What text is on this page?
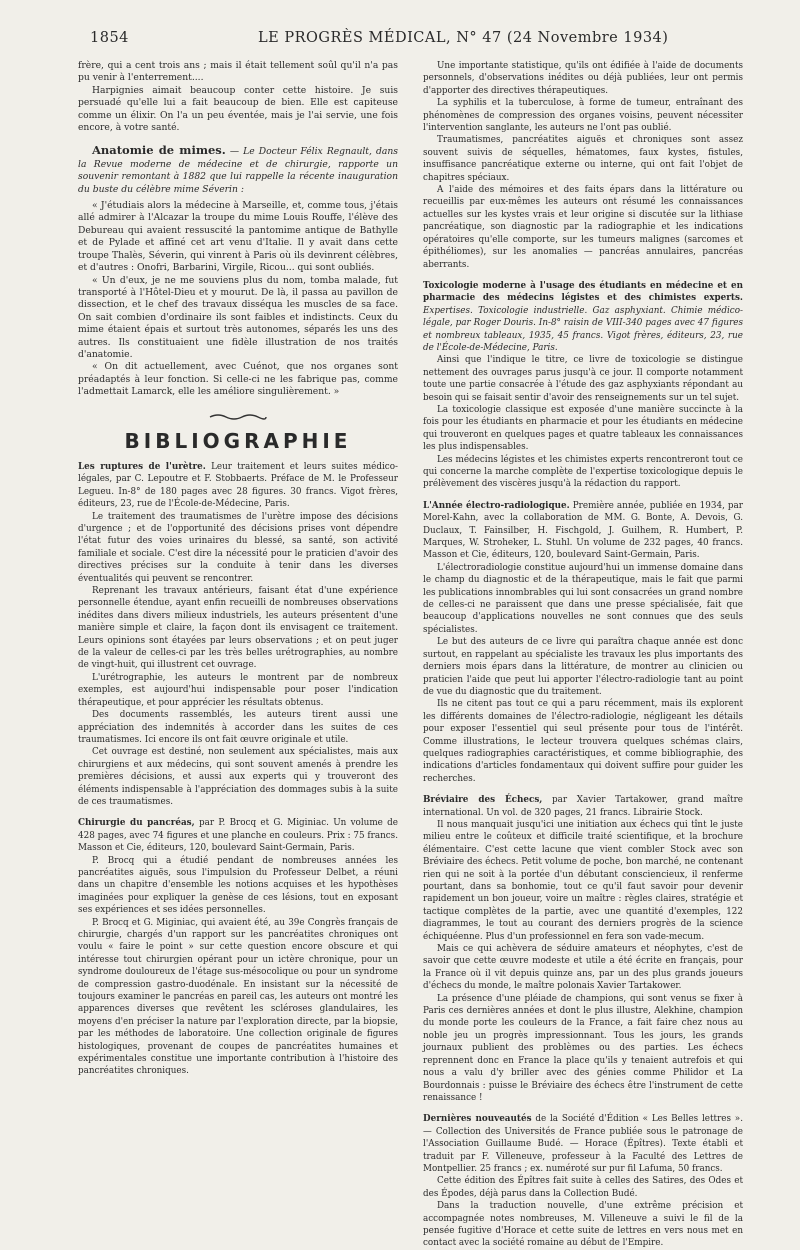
1854	LE PROGRÈS MÉDICAL, N° 47 (24 Novembre 1934)

frère, qui a cent trois ans ; mais il était tellement soûl qu'il n'a pas pu venir à l'enterrement....

Harpignies aimait beaucoup conter cette histoire. Je suis persuadé qu'elle lui a fait beaucoup de bien. Elle est capiteuse comme un élixir. On l'a un peu éventée, mais je l'ai servie, une fois encore, à votre santé.

Anatomie de mimes. — Le Docteur Félix Regnault, dans la Revue moderne de médecine et de chirurgie, rapporte un souvenir remontant à 1882 que lui rappelle la récente inauguration du buste du célèbre mime Séverin :

« J'étudiais alors la médecine à Marseille, et, comme tous, j'étais allé admirer à l'Alcazar la troupe du mime Louis Rouffe, l'élève des Debureau qui avaient ressuscité la pantomime antique de Bathylle et de Pylade et affiné cet art venu d'Italie. Il y avait dans cette troupe Thalès, Séverin, qui vinrent à Paris où ils devinrent célèbres, et d'autres : Onofri, Barbarini, Virgile, Ricou... qui sont oubliés.

« Un d'eux, je ne me souviens plus du nom, tomba malade, fut transporté à l'Hôtel-Dieu et y mourut. De là, il passa au pavillon de dissection, et le chef des travaux disséqua les muscles de sa face. On sait combien d'ordinaire ils sont faibles et indistincts. Ceux du mime étaient épais et surtout très autonomes, séparés les uns des autres. Ils constituaient une fidèle illustration de nos traités d'anatomie.

« On dit actuellement, avec Cuénot, que nos organes sont préadaptés à leur fonction. Si celle-ci ne les fabrique pas, comme l'admettait Lamarck, elle les améliore singulièrement. »

BIBLIOGRAPHIE

Les ruptures de l'urètre. Leur traitement et leurs suites médico-légales, par C. Lepoutre et F. Stobbaerts. Préface de M. le Professeur Legueu. In-8° de 180 pages avec 28 figures. 30 francs. Vigot frères, éditeurs, 23, rue de l'École-de-Médecine, Paris.

Le traitement des traumatismes de l'urètre impose des décisions d'urgence ; et de l'opportunité des décisions prises vont dépendre l'état futur des voies urinaires du blessé, sa santé, son activité familiale et sociale. C'est dire la nécessité pour le praticien d'avoir des directives précises sur la conduite à tenir dans les diverses éventualités qui peuvent se rencontrer.

Reprenant les travaux antérieurs, faisant état d'une expérience personnelle étendue, ayant enfin recueilli de nombreuses observations inédites dans divers milieux industriels, les auteurs présentent d'une manière simple et claire, la façon dont ils envisagent ce traitement. Leurs opinions sont étayées par leurs observations ; et on peut juger de la valeur de celles-ci par les très belles urétrographies, au nombre de vingt-huit, qui illustrent cet ouvrage.

L'urétrographie, les auteurs le montrent par de nombreux exemples, est aujourd'hui indispensable pour poser l'indication thérapeutique, et pour apprécier les résultats obtenus.

Des documents rassemblés, les auteurs tirent aussi une appréciation des indemnités à accorder dans les suites de ces traumatismes. Ici encore ils ont fait œuvre originale et utile.

Cet ouvrage est destiné, non seulement aux spécialistes, mais aux chirurgiens et aux médecins, qui sont souvent amenés à prendre les premières décisions, et aussi aux experts qui y trouveront des éléments indispensable à l'appréciation des dommages subis à la suite de ces traumatismes.

Chirurgie du pancréas, par P. Brocq et G. Miginiac. Un volume de 428 pages, avec 74 figures et une planche en couleurs. Prix : 75 francs. Masson et Cie, éditeurs, 120, boulevard Saint-Germain, Paris.

P. Brocq qui a étudié pendant de nombreuses années les pancréatites aiguës, sous l'impulsion du Professeur Delbet, a réuni dans un chapitre d'ensemble les notions acquises et les hypothèses imaginées pour expliquer la genèse de ces lésions, tout en exposant ses expériences et ses idées personnelles.

P. Brocq et G. Miginiac, qui avaient été, au 39e Congrès français de chirurgie, chargés d'un rapport sur les pancréatites chroniques ont voulu « faire le point » sur cette question encore obscure et qui intéresse tout chirurgien opérant pour un ictère chronique, pour un syndrome douloureux de l'étage sus-mésocolique ou pour un syndrome de compression gastro-duodénale. En insistant sur la nécessité de toujours examiner le pancréas en pareil cas, les auteurs ont montré les apparences diverses que revêtent les scléroses glandulaires, les moyens d'en préciser la nature par l'exploration directe, par la biopsie, par les méthodes de laboratoire. Une collection originale de figures histologiques, provenant de coupes de pancréatites humaines et expérimentales constitue une importante contribution à l'histoire des pancréatites chroniques.

Une importante statistique, qu'ils ont édifiée à l'aide de documents personnels, d'observations inédites ou déjà publiées, leur ont permis d'apporter des directives thérapeutiques.

La syphilis et la tuberculose, à forme de tumeur, entraînant des phénomènes de compression des organes voisins, peuvent nécessiter l'intervention sanglante, les auteurs ne l'ont pas oublié.

Traumatismes, pancréatites aiguës et chroniques sont assez souvent suivis de séquelles, hématomes, faux kystes, fistules, insuffisance pancréatique externe ou interne, qui ont fait l'objet de chapitres spéciaux.

A l'aide des mémoires et des faits épars dans la littérature ou recueillis par eux-mêmes les auteurs ont résumé les connaissances actuelles sur les kystes vrais et leur origine si discutée sur la lithiase pancréatique, son diagnostic par la radiographie et les indications opératoires qu'elle comporte, sur les tumeurs malignes (sarcomes et épithéliomes), sur les anomalies — pancréas annulaires, pancréas aberrants.

Toxicologie moderne à l'usage des étudiants en médecine et en pharmacie des médecins légistes et des chimistes experts. Expertises. Toxicologie industrielle. Gaz asphyxiant. Chimie médico-légale, par Roger Douris. In-8° raisin de VIII-340 pages avec 47 figures et nombreux tableaux, 1935, 45 francs. Vigot frères, éditeurs, 23, rue de l'École-de-Médecine, Paris.

Ainsi que l'indique le titre, ce livre de toxicologie se distingue nettement des ouvrages parus jusqu'à ce jour. Il comporte notamment toute une partie consacrée à l'étude des gaz asphyxiants répondant au besoin qui se faisait sentir d'avoir des renseignements sur un tel sujet.

La toxicologie classique est exposée d'une manière succincte à la fois pour les étudiants en pharmacie et pour les étudiants en médecine qui trouveront en quelques pages et quatre tableaux les connaissances les plus indispensables.

Les médecins légistes et les chimistes experts rencontreront tout ce qui concerne la marche complète de l'expertise toxicologique depuis le prélèvement des viscères jusqu'à la rédaction du rapport.

L'Année électro-radiologique. Première année, publiée en 1934, par Morel-Kahn, avec la collaboration de MM. G. Bonte, A. Devois, G. Duclaux, T. Fainsilber, H. Fischgold, J. Guilhem, R. Humbert, P. Marques, W. Stroheker, L. Stuhl. Un volume de 232 pages, 40 francs. Masson et Cie, éditeurs, 120, boulevard Saint-Germain, Paris.

L'électroradiologie constitue aujourd'hui un immense domaine dans le champ du diagnostic et de la thérapeutique, mais le fait que parmi les publications innombrables qui lui sont consacrées un grand nombre de celles-ci ne paraissent que dans une presse spécialisée, fait que beaucoup d'applications nouvelles ne sont connues que des seuls spécialistes.

Le but des auteurs de ce livre qui paraîtra chaque année est donc surtout, en rappelant au spécialiste les travaux les plus importants des derniers mois épars dans la littérature, de montrer au clinicien ou praticien l'aide que peut lui apporter l'électro-radiologie tant au point de vue du diagnostic que du traitement.

Ils ne citent pas tout ce qui a paru récemment, mais ils explorent les différents domaines de l'électro-radiologie, négligeant les détails pour exposer l'essentiel qui seul présente pour tous de l'intérêt. Comme illustrations, le lecteur trouvera quelques schémas clairs, quelques radiographies caractéristiques, et comme bibliographie, des indications d'articles fondamentaux qui doivent suffire pour guider les recherches.

Bréviaire des Échecs, par Xavier Tartakower, grand maître international. Un vol. de 320 pages, 21 francs. Librairie Stock.

Il nous manquait jusqu'ici une initiation aux échecs qui tînt le juste milieu entre le coûteux et difficile traité scientifique, et la brochure élémentaire. C'est cette lacune que vient combler Stock avec son Bréviaire des échecs. Petit volume de poche, bon marché, ne contenant rien qui ne soit à la portée d'un débutant consciencieux, il renferme pourtant, dans sa bonhomie, tout ce qu'il faut savoir pour devenir rapidement un bon joueur, voire un maître : règles claires, stratégie et tactique complètes de la partie, avec une quantité d'exemples, 122 diagrammes, le tout au courant des derniers progrès de la science échiquéenne. Plus d'un professionnel en fera son vade-mecum.

Mais ce qui achèvera de séduire amateurs et néophytes, c'est de savoir que cette œuvre modeste et utile a été écrite en français, pour la France où il vit depuis quinze ans, par un des plus grands joueurs d'échecs du monde, le maître polonais Xavier Tartakower.

La présence d'une pléiade de champions, qui sont venus se fixer à Paris ces dernières années et dont le plus illustre, Alekhine, champion du monde porte les couleurs de la France, a fait faire chez nous au noble jeu un progrès impressionnant. Tous les jours, les grands journaux publient des problèmes ou des parties. Les échecs reprennent donc en France la place qu'ils y tenaient autrefois et qui nous a valu d'y briller avec des génies comme Philidor et La Bourdonnais : puisse le Bréviaire des échecs être l'instrument de cette renaissance !

Dernières nouveautés de la Société d'Édition « Les Belles lettres ». — Collection des Universités de France publiée sous le patronage de l'Association Guillaume Budé. — Horace (Épîtres). Texte établi et traduit par F. Villeneuve, professeur à la Faculté des Lettres de Montpellier. 25 francs ; ex. numéroté sur pur fil Lafuma, 50 francs.

Cette édition des Épîtres fait suite à celles des Satires, des Odes et des Épodes, déjà parus dans la Collection Budé.

Dans la traduction nouvelle, d'une extrême précision et accompagnée notes nombreuses, M. Villeneuve a suivi le fil de la pensée fugitive d'Horace et cette suite de lettres en vers nous met en contact avec la société romaine au début de l'Empire.
